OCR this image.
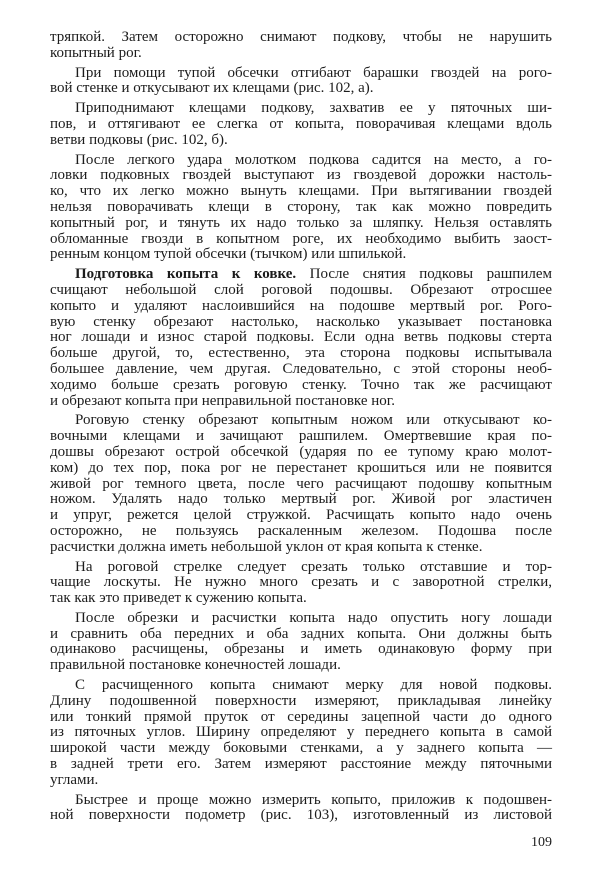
тряпкой. Затем осторожно снимают подкову, чтобы не нарушить
копытный рог.
При помощи тупой обсечки отгибают барашки гвоздей на рого-
вой стенке и откусывают их клещами (рис. 102, а).
Приподнимают клещами подкову, захватив ее у пяточных ши-
пов, и оттягивают ее слегка от копыта, поворачивая клещами вдоль
ветви подковы (рис. 102, б).
После легкого удара молотком подкова садится на место, а го-
ловки подковных гвоздей выступают из гвоздевой дорожки настоль-
ко, что их легко можно вынуть клещами. При вытягивании гвоздей
нельзя поворачивать клещи в сторону, так как можно повредить
копытный рог, и тянуть их надо только за шляпку. Нельзя оставлять
обломанные гвозди в копытном роге, их необходимо выбить заост-
ренным концом тупой обсечки (тычком) или шпилькой.
Подготовка копыта к ковке. После снятия подковы рашпилем
счищают небольшой слой роговой подошвы. Обрезают отросшее
копыто и удаляют наслоившийся на подошве мертвый рог. Рого-
вую стенку обрезают настолько, насколько указывает постановка
ног лошади и износ старой подковы. Если одна ветвь подковы стерта
больше другой, то, естественно, эта сторона подковы испытывала
большее давление, чем другая. Следовательно, с этой стороны необ-
ходимо больше срезать роговую стенку. Точно так же расчищают
и обрезают копыта при неправильной постановке ног.
Роговую стенку обрезают копытным ножом или откусывают ко-
вочными клещами и зачищают рашпилем. Омертвевшие края по-
дошвы обрезают острой обсечкой (ударяя по ее тупому краю молот-
ком) до тех пор, пока рог не перестанет крошиться или не появится
живой рог темного цвета, после чего расчищают подошву копытным
ножом. Удалять надо только мертвый рог. Живой рог эластичен
и упруг, режется целой стружкой. Расчищать копыто надо очень
осторожно, не пользуясь раскаленным железом. Подошва после
расчистки должна иметь небольшой уклон от края копыта к стенке.
На роговой стрелке следует срезать только отставшие и тор-
чащие лоскуты. Не нужно много срезать и с заворотной стрелки,
так как это приведет к сужению копыта.
После обрезки и расчистки копыта надо опустить ногу лошади
и сравнить оба передних и оба задних копыта. Они должны быть
одинаково расчищены, обрезаны и иметь одинаковую форму при
правильной постановке конечностей лошади.
С расчищенного копыта снимают мерку для новой подковы.
Длину подошвенной поверхности измеряют, прикладывая линейку
или тонкий прямой пруток от середины зацепной части до одного
из пяточных углов. Ширину определяют у переднего копыта в самой
широкой части между боковыми стенками, а у заднего копыта —
в задней трети его. Затем измеряют расстояние между пяточными
углами.
Быстрее и проще можно измерить копыто, приложив к подошвен-
ной поверхности подометр (рис. 103), изготовленный из листовой
109
